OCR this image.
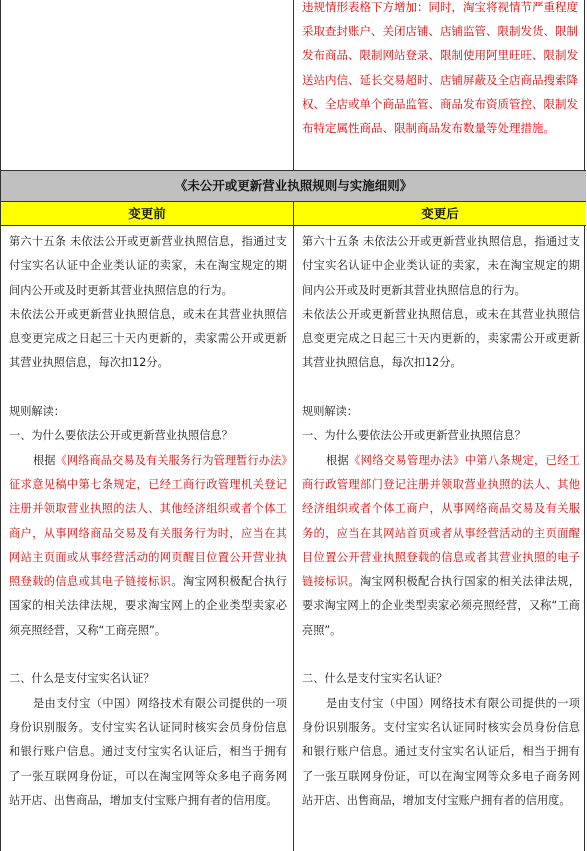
违规情形表格下方增加：同时，淘宝将视情节严重程度采取查封账户、关闭店铺、店铺监管、限制发货、限制发布商品、限制网站登录、限制使用阿里旺旺、限制发送站内信、延长交易超时、店铺屏蔽及全店商品搜索降权、全店或单个商品监管、商品发布资质管控、限制发布特定属性商品、限制商品发布数量等处理措施。

《未公开或更新营业执照规则与实施细则》
变更前	变更后

第六十五条 未依法公开或更新营业执照信息，指通过支付宝实名认证中企业类认证的卖家，未在淘宝规定的期间内公开或及时更新其营业执照信息的行为。

未依法公开或更新营业执照信息，或未在其营业执照信息变更完成之日起三十天内更新的，卖家需公开或更新其营业执照信息，每次扣12分。

规则解读：

一、为什么要依法公开或更新营业执照信息？

根据《网络商品交易及有关服务行为管理暂行办法》征求意见稿中第七条规定，已经工商行政管理机关登记注册并领取营业执照的法人、其他经济组织或者个体工商户，从事网络商品交易及有关服务行为时，应当在其网站主页面或从事经营活动的网页醒目位置公开营业执照登载的信息或其电子链接标识。淘宝网积极配合执行国家的相关法律法规，要求淘宝网上的企业类型卖家必须亮照经营，又称“工商亮照”。

二、什么是支付宝实名认证？

是由支付宝（中国）网络技术有限公司提供的一项身份识别服务。支付宝实名认证同时核实会员身份信息和银行账户信息。通过支付宝实名认证后，相当于拥有了一张互联网身份证，可以在淘宝网等众多电子商务网站开店、出售商品，增加支付宝账户拥有者的信用度。

第六十五条 未依法公开或更新营业执照信息，指通过支付宝实名认证中企业类认证的卖家，未在淘宝规定的期间内公开或及时更新其营业执照信息的行为。

未依法公开或更新营业执照信息，或未在其营业执照信息变更完成之日起三十天内更新的，卖家需公开或更新其营业执照信息，每次扣12分。

规则解读：

一、为什么要依法公开或更新营业执照信息？

根据《网络交易管理办法》中第八条规定，已经工商行政管理部门登记注册并领取营业执照的法人、其他经济组织或者个体工商户，从事网络商品交易及有关服务的，应当在其网站首页或者从事经营活动的主页面醒目位置公开营业执照登载的信息或者其营业执照的电子链接标识。淘宝网积极配合执行国家的相关法律法规，要求淘宝网上的企业类型卖家必须亮照经营，又称“工商亮照”。

二、什么是支付宝实名认证？

是由支付宝（中国）网络技术有限公司提供的一项身份识别服务。支付宝实名认证同时核实会员身份信息和银行账户信息。通过支付宝实名认证后，相当于拥有了一张互联网身份证，可以在淘宝网等众多电子商务网站开店、出售商品，增加支付宝账户拥有者的信用度。
